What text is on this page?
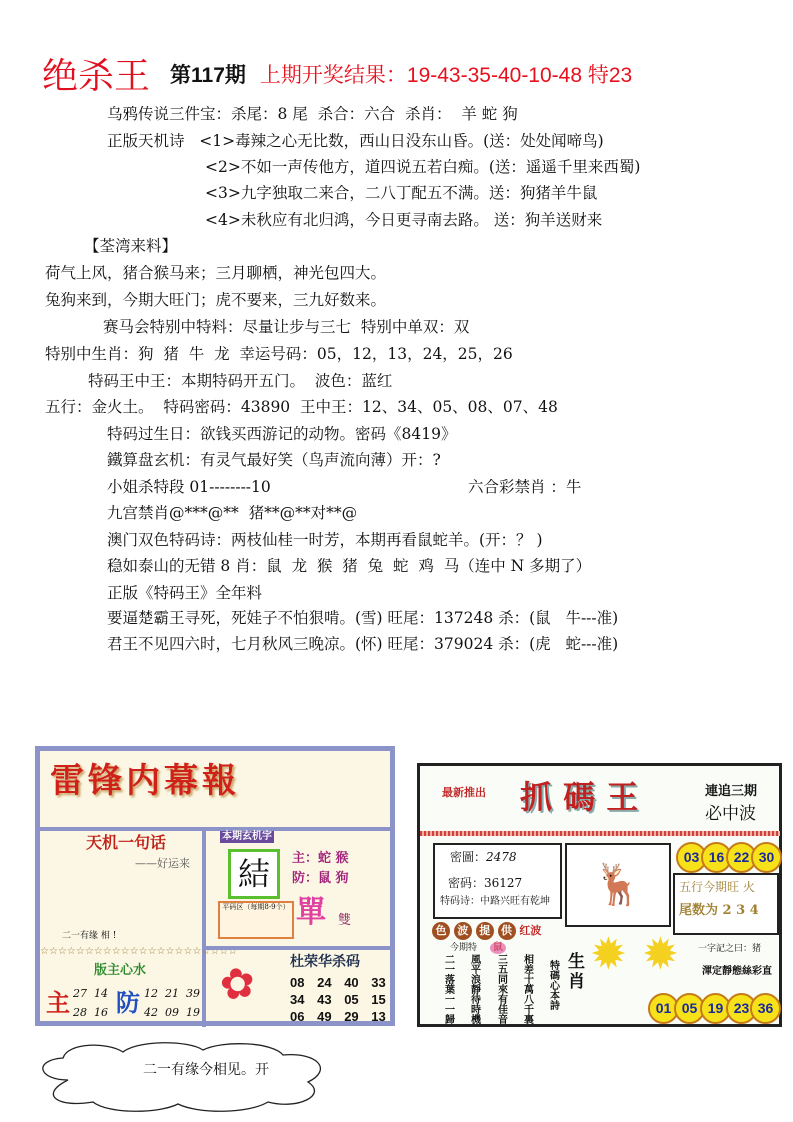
绝杀王 第117期 上期开奖结果：19-43-35-40-10-48 特23
乌鸦传说三件宝：杀尾：8 尾  杀合：六合  杀肖：  羊 蛇 狗
正版天机诗   <1>毒辣之心无比数，西山日没东山昏。(送：处处闻啼鸟)
<2>不如一声传他方，道四说五若白痴。(送：遥遥千里来西蜀)
<3>九字独取二来合，二八丁配五不满。送：狗猪羊牛鼠
<4>未秋应有北归鸿，今日更寻南去路。 送：狗羊送财来
【荃湾来料】
荷气上风，猪合猴马来；三月聊栖，神光包四大。
兔狗来到，今期大旺门；虎不要来，三九好数来。
赛马会特别中特料：尽量让步与三七  特别中单双：双
特别中生肖：狗  猪  牛  龙  幸运号码：05，12，13，24，25，26
特码王中王：本期特码开五门。  波色：蓝红
五行：金火土。  特码密码：43890  王中王：12、34、05、08、07、48
特码过生日：欲钱买西游记的动物。密码《8419》
鐵算盘玄机：有灵气最好笑（鸟声流向薄）开：?
小姐杀特段 01--------10	六合彩禁肖 ：牛
九宫禁肖@***@**  猪**@**对**@
澳门双色特码诗：两枝仙桂一时芳，本期再看鼠蛇羊。(开：？ )
稳如泰山的无错 8 肖：鼠  龙  猴  猪  兔  蛇  鸡  马（连中 N 多期了）
正版《特码王》全年料
要逼楚霸王寻死，死娃子不怕狠啃。(雪) 旺尾：137248 杀：(鼠   牛---准)
君王不见四六时，七月秋风三晚凉。(怀) 旺尾：379024 杀：(虎   蛇---准)
雷锋内幕報
天机一句话
——好运来
二一有缘 相 !
☆☆☆☆☆☆☆☆☆☆☆☆☆☆☆☆☆☆☆☆☆☆
版主心水
主 27 14
28 16 防 12 21 39
42 09 19
本期玄机字
結
平码区（每期8-9个）
主：蛇 猴
防：鼠 狗
單 雙
✿ 杜荣华杀码
08 24 40 33
34 43 05 15
06 49 29 13
最新推出 抓 碼 王	連追三期
必中波
密圖：2478
密码：36127
特码诗：中路兴旺有乾坤	🦌
03 16 22 30
五行今期旺 火
尾数为 2 3 4
色 波 提 供 红波
今期特	鼠
二一落葉一一歸
風平浪靜待時機
三五同來有佳音
相差十萬八千裏
特碼心本詩
生肖
✹ ✹ 一字記之曰：猪
渾定靜態絲彩直
01 05 19 23 36
二一有缘今相见。开
